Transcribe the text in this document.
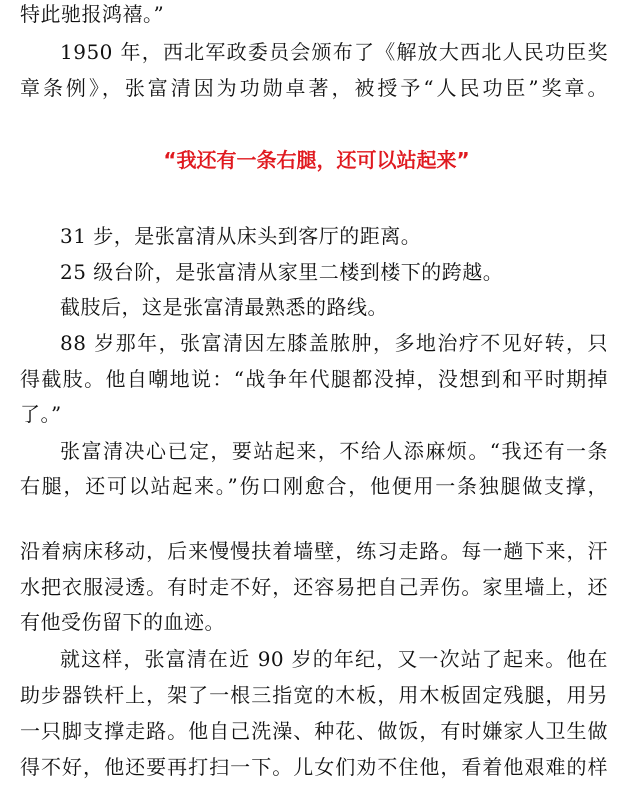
特此驰报鸿禧。”
1950 年，西北军政委员会颁布了《解放大西北人民功臣奖
章条例》，张富清因为功勋卓著，被授予“人民功臣”奖章。
“我还有一条右腿，还可以站起来”
31 步，是张富清从床头到客厅的距离。
25 级台阶，是张富清从家里二楼到楼下的跨越。
截肢后，这是张富清最熟悉的路线。
88 岁那年，张富清因左膝盖脓肿，多地治疗不见好转，只
得截肢。他自嘲地说：“战争年代腿都没掉，没想到和平时期掉
了。”
张富清决心已定，要站起来，不给人添麻烦。“我还有一条
右腿，还可以站起来。”伤口刚愈合，他便用一条独腿做支撑，
沿着病床移动，后来慢慢扶着墙壁，练习走路。每一趟下来，汗
水把衣服浸透。有时走不好，还容易把自己弄伤。家里墙上，还
有他受伤留下的血迹。
就这样，张富清在近 90 岁的年纪，又一次站了起来。他在
助步器铁杆上，架了一根三指宽的木板，用木板固定残腿，用另
一只脚支撑走路。他自己洗澡、种花、做饭，有时嫌家人卫生做
得不好，他还要再打扫一下。儿女们劝不住他，看着他艰难的样
